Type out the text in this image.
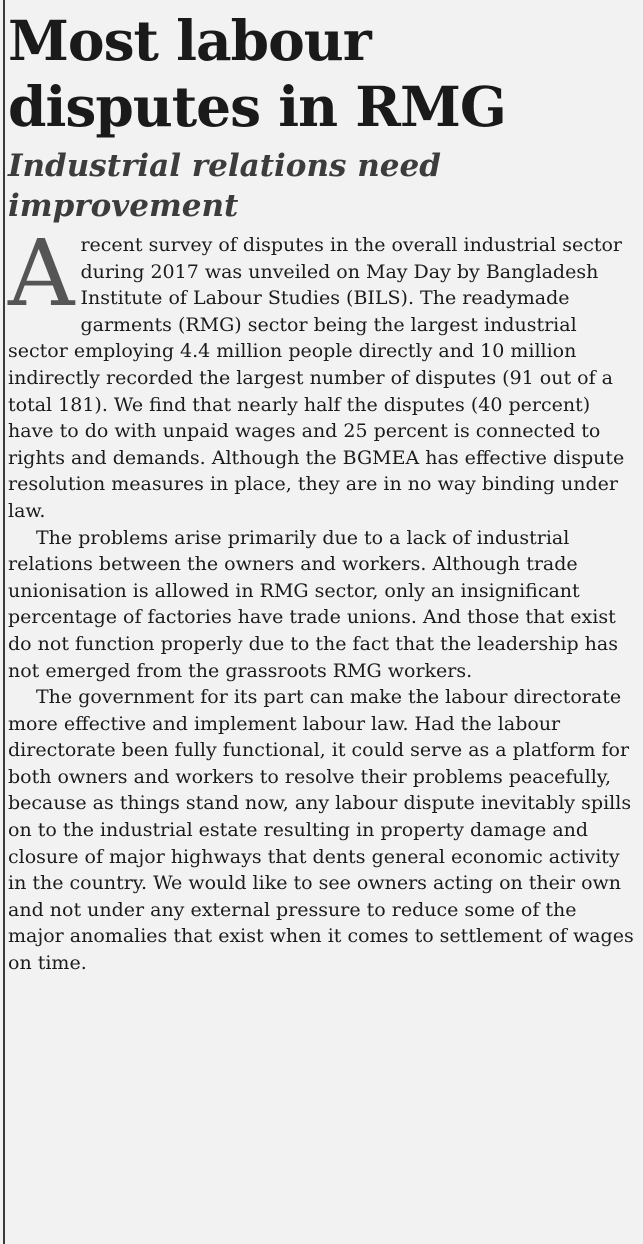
Most labour
disputes in RMG
Industrial relations need
improvement

Arecent survey of disputes in the overall industrial sector during 2017 was unveiled on May Day by Bangladesh Institute of Labour Studies (BILS). The readymade garments (RMG) sector being the largest industrial sector employing 4.4 million people directly and 10 million indirectly recorded the largest number of disputes (91 out of a total 181). We find that nearly half the disputes (40 percent) have to do with unpaid wages and 25 percent is connected to rights and demands. Although the BGMEA has effective dispute resolution measures in place, they are in no way binding under law.

The problems arise primarily due to a lack of industrial relations between the owners and workers. Although trade unionisation is allowed in RMG sector, only an insignificant percentage of factories have trade unions. And those that exist do not function properly due to the fact that the leadership has not emerged from the grassroots RMG workers.

The government for its part can make the labour directorate more effective and implement labour law. Had the labour directorate been fully functional, it could serve as a platform for both owners and workers to resolve their problems peacefully, because as things stand now, any labour dispute inevitably spills on to the industrial estate resulting in property damage and closure of major highways that dents general economic activity in the country. We would like to see owners acting on their own and not under any external pressure to reduce some of the major anomalies that exist when it comes to settlement of wages on time.
